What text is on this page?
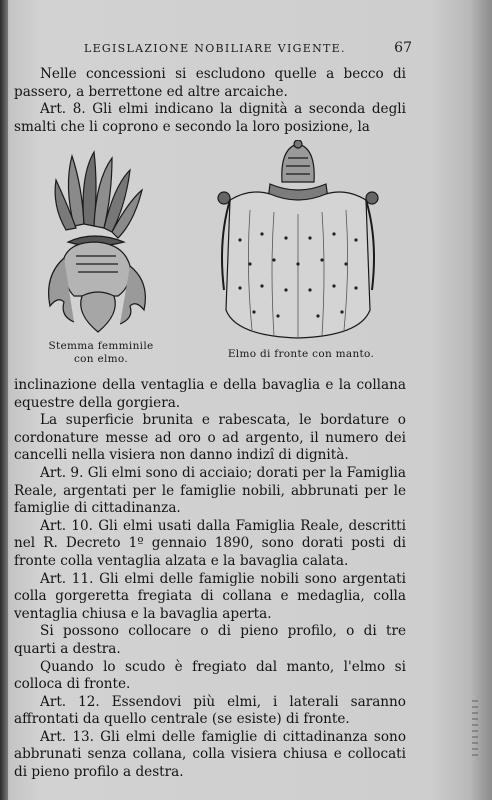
LEGISLAZIONE NOBILIARE VIGENTE.	67

Nelle concessioni si escludono quelle a becco di passero, a berrettone ed altre arcaiche.

Art. 8. Gli elmi indicano la dignità a seconda degli smalti che li coprono e secondo la loro posizione, la

Stemma femminile
con elmo.	Elmo di fronte con manto.

inclinazione della ventaglia e della bavaglia e la collana equestre della gorgiera.

La superficie brunita e rabescata, le bordature o cordonature messe ad oro o ad argento, il numero dei cancelli nella visiera non danno indizî di dignità.

Art. 9. Gli elmi sono di acciaio; dorati per la Famiglia Reale, argentati per le famiglie nobili, abbrunati per le famiglie di cittadinanza.

Art. 10. Gli elmi usati dalla Famiglia Reale, descritti nel R. Decreto 1º gennaio 1890, sono dorati posti di fronte colla ventaglia alzata e la bavaglia calata.

Art. 11. Gli elmi delle famiglie nobili sono argentati colla gorgeretta fregiata di collana e medaglia, colla ventaglia chiusa e la bavaglia aperta.

Si possono collocare o di pieno profilo, o di tre quarti a destra.

Quando lo scudo è fregiato dal manto, l'elmo si colloca di fronte.

Art. 12. Essendovi più elmi, i laterali saranno affrontati da quello centrale (se esiste) di fronte.

Art. 13. Gli elmi delle famiglie di cittadinanza sono abbrunati senza collana, colla visiera chiusa e collocati di pieno profilo a destra.
